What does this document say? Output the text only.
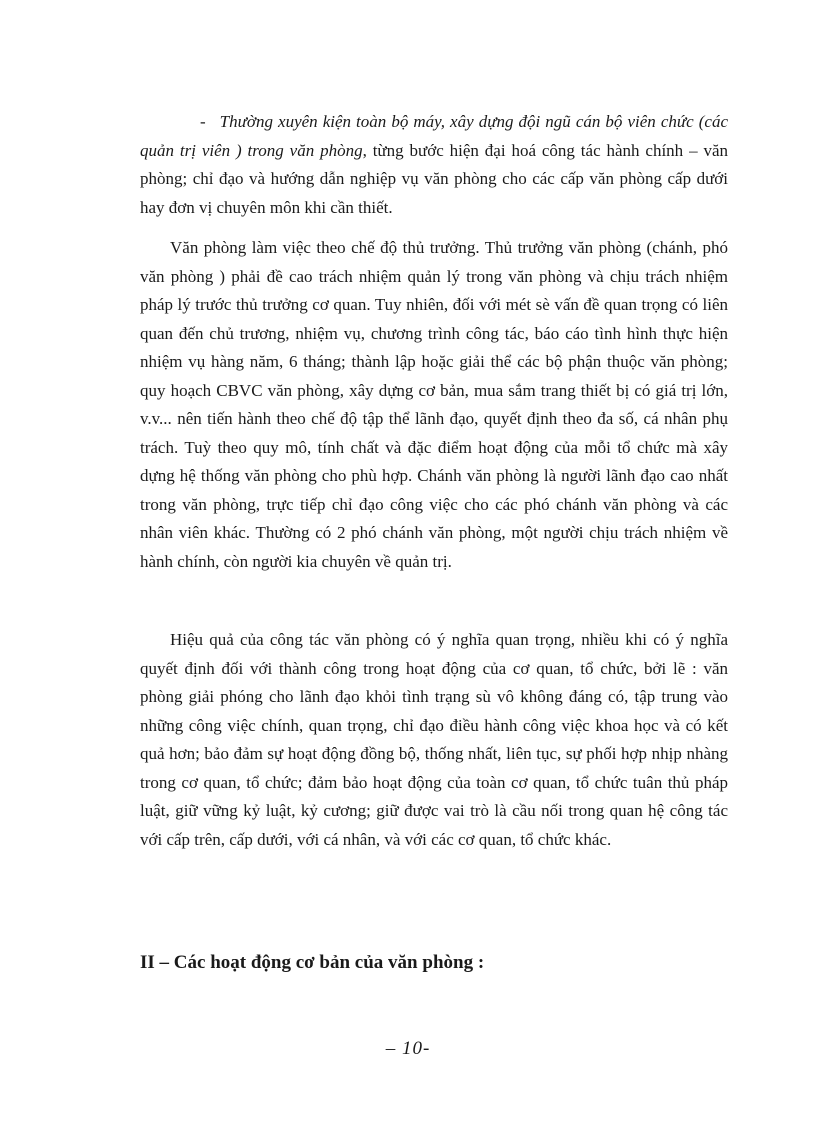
- Thường xuyên kiện toàn bộ máy, xây dựng đội ngũ cán bộ viên chức (các quản trị viên ) trong văn phòng, từng bước hiện đại hoá công tác hành chính – văn phòng; chỉ đạo và hướng dẫn nghiệp vụ văn phòng cho các cấp văn phòng cấp dưới hay đơn vị chuyên môn khi cần thiết.

Văn phòng làm việc theo chế độ thủ trưởng. Thủ trưởng văn phòng (chánh, phó văn phòng ) phải đề cao trách nhiệm quản lý trong văn phòng và chịu trách nhiệm pháp lý trước thủ trưởng cơ quan. Tuy nhiên, đối với mét sè vấn đề quan trọng có liên quan đến chủ trương, nhiệm vụ, chương trình công tác, báo cáo tình hình thực hiện nhiệm vụ hàng năm, 6 tháng; thành lập hoặc giải thể các bộ phận thuộc văn phòng; quy hoạch CBVC văn phòng, xây dựng cơ bản, mua sắm trang thiết bị có giá trị lớn, v.v... nên tiến hành theo chế độ tập thể lãnh đạo, quyết định theo đa số, cá nhân phụ trách. Tuỳ theo quy mô, tính chất và đặc điểm hoạt động của mỗi tổ chức mà xây dựng hệ thống văn phòng cho phù hợp. Chánh văn phòng là người lãnh đạo cao nhất trong văn phòng, trực tiếp chỉ đạo công việc cho các phó chánh văn phòng và các nhân viên khác. Thường có 2 phó chánh văn phòng, một người chịu trách nhiệm về hành chính, còn người kia chuyên về quản trị.

Hiệu quả của công tác văn phòng có ý nghĩa quan trọng, nhiều khi có ý nghĩa quyết định đối với thành công trong hoạt động của cơ quan, tổ chức, bởi lẽ : văn phòng giải phóng cho lãnh đạo khỏi tình trạng sù vô không đáng có, tập trung vào những công việc chính, quan trọng, chỉ đạo điều hành công việc khoa học và có kết quả hơn; bảo đảm sự hoạt động đồng bộ, thống nhất, liên tục, sự phối hợp nhịp nhàng trong cơ quan, tổ chức; đảm bảo hoạt động của toàn cơ quan, tổ chức tuân thủ pháp luật, giữ vững kỷ luật, kỷ cương; giữ được vai trò là cầu nối trong quan hệ công tác với cấp trên, cấp dưới, với cá nhân, và với các cơ quan, tổ chức khác.

II – Các hoạt động cơ bản của văn phòng :
– 10-
